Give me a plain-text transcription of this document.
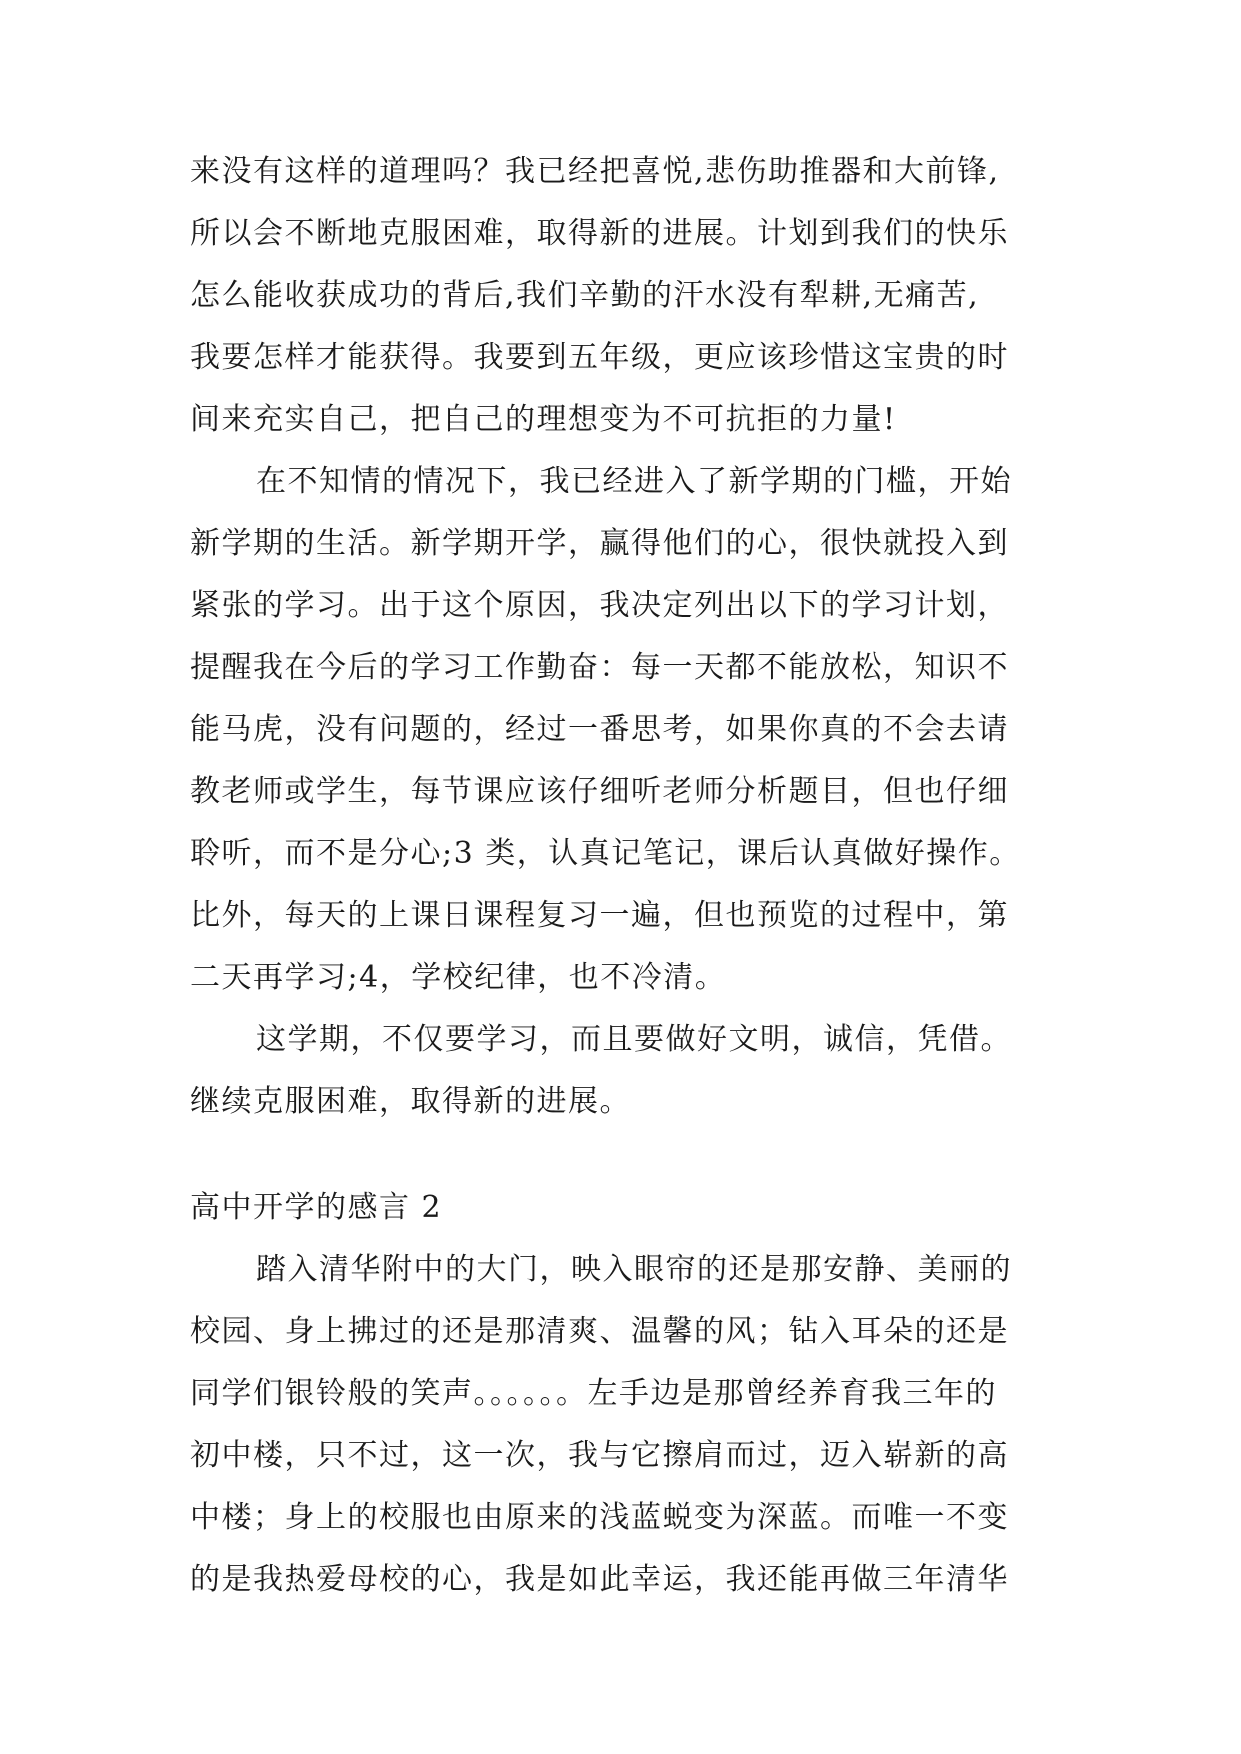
来没有这样的道理吗？我已经把喜悦,悲伤助推器和大前锋,
所以会不断地克服困难，取得新的进展。计划到我们的快乐
怎么能收获成功的背后,我们辛勤的汗水没有犁耕,无痛苦,
我要怎样才能获得。我要到五年级，更应该珍惜这宝贵的时
间来充实自己，把自己的理想变为不可抗拒的力量!
在不知情的情况下，我已经进入了新学期的门槛，开始
新学期的生活。新学期开学，赢得他们的心，很快就投入到
紧张的学习。出于这个原因，我决定列出以下的学习计划，
提醒我在今后的学习工作勤奋：每一天都不能放松，知识不
能马虎，没有问题的，经过一番思考，如果你真的不会去请
教老师或学生，每节课应该仔细听老师分析题目，但也仔细
聆听，而不是分心;3 类，认真记笔记，课后认真做好操作。
比外，每天的上课日课程复习一遍，但也预览的过程中，第
二天再学习;4，学校纪律，也不冷清。
这学期，不仅要学习，而且要做好文明，诚信，凭借。
继续克服困难，取得新的进展。
高中开学的感言 2
踏入清华附中的大门，映入眼帘的还是那安静、美丽的
校园、身上拂过的还是那清爽、温馨的风；钻入耳朵的还是
同学们银铃般的笑声。。。。。。左手边是那曾经养育我三年的
初中楼，只不过，这一次，我与它擦肩而过，迈入崭新的高
中楼；身上的校服也由原来的浅蓝蜕变为深蓝。而唯一不变
的是我热爱母校的心，我是如此幸运，我还能再做三年清华
